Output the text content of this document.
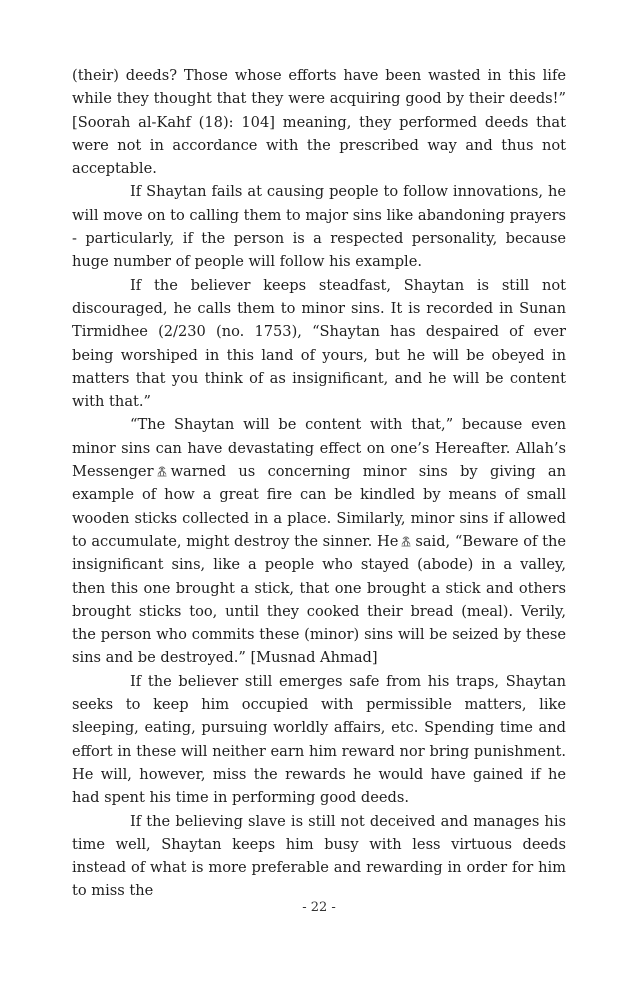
(their) deeds? Those whose efforts have been wasted in this life while they thought that they were acquiring good by their deeds!” [Soorah al-Kahf (18): 104] meaning, they performed deeds that were not in accordance with the prescribed way and thus not acceptable.

If Shaytan fails at causing people to follow innovations, he will move on to calling them to major sins like abandoning prayers - particularly, if the person is a respected personality, because huge number of people will follow his example.

If the believer keeps steadfast, Shaytan is still not discouraged, he calls them to minor sins. It is recorded in Sunan Tirmidhee (2/230 (no. 1753), “Shaytan has despaired of ever being worshiped in this land of yours, but he will be obeyed in matters that you think of as insignificant, and he will be content with that.”

“The Shaytan will be content with that,” because even minor sins can have devastating effect on one’s Hereafter. Allah’s Messenger warned us concerning minor sins by giving an example of how a great fire can be kindled by means of small wooden sticks collected in a place. Similarly, minor sins if allowed to accumulate, might destroy the sinner. He said, “Beware of the insignificant sins, like a people who stayed (abode) in a valley, then this one brought a stick, that one brought a stick and others brought sticks too, until they cooked their bread (meal). Verily, the person who commits these (minor) sins will be seized by these sins and be destroyed.” [Musnad Ahmad]

If the believer still emerges safe from his traps, Shaytan seeks to keep him occupied with permissible matters, like sleeping, eating, pursuing worldly affairs, etc. Spending time and effort in these will neither earn him reward nor bring punishment. He will, however, miss the rewards he would have gained if he had spent his time in performing good deeds.

If the believing slave is still not deceived and manages his time well, Shaytan keeps him busy with less virtuous deeds instead of what is more preferable and rewarding in order for him to miss the

- 22 -
